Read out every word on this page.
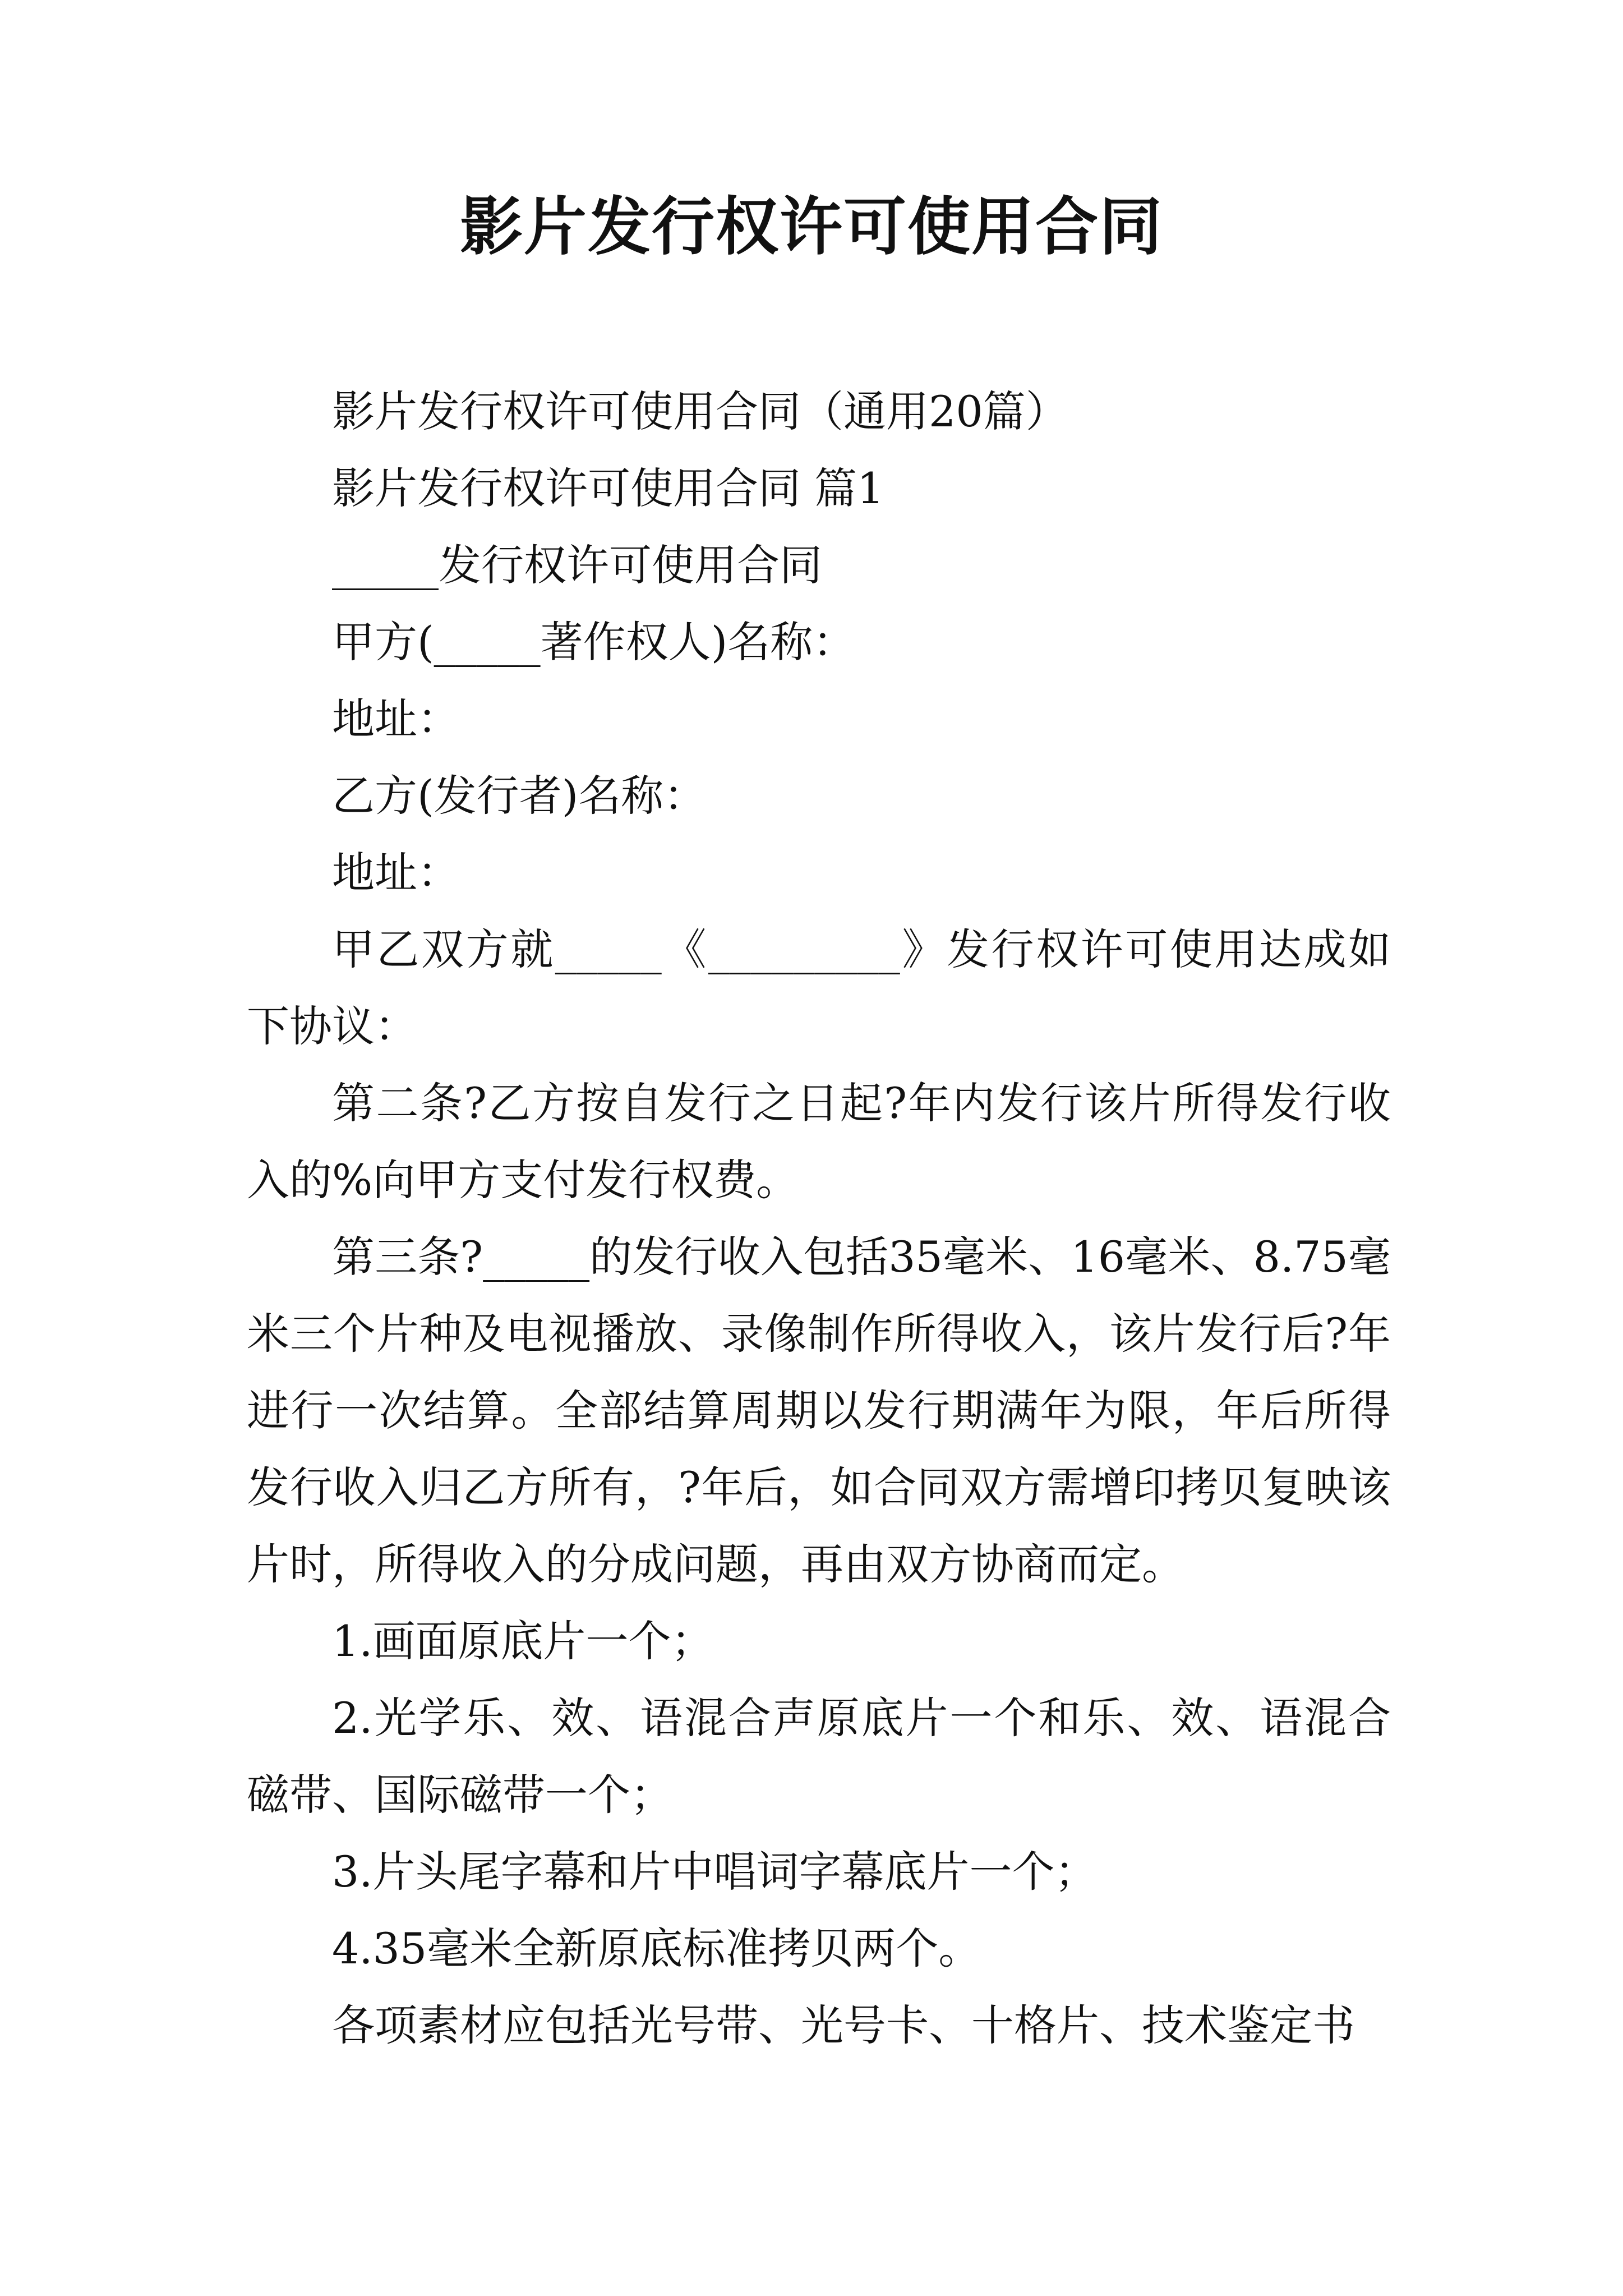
影片发行权许可使用合同

影片发行权许可使用合同（通用20篇）

影片发行权许可使用合同 篇1

_____发行权许可使用合同

甲方(_____著作权人)名称：

地址：

乙方(发行者)名称：

地址：

甲乙双方就_____《_________》发行权许可使用达成如下协议：

第二条?乙方按自发行之日起?年内发行该片所得发行收入的%向甲方支付发行权费。

第三条?_____的发行收入包括35毫米、16毫米、8.75毫米三个片种及电视播放、录像制作所得收入，该片发行后?年进行一次结算。全部结算周期以发行期满年为限，年后所得发行收入归乙方所有，?年后，如合同双方需增印拷贝复映该片时，所得收入的分成问题，再由双方协商而定。

1.画面原底片一个；

2.光学乐、效、语混合声原底片一个和乐、效、语混合磁带、国际磁带一个；

3.片头尾字幕和片中唱词字幕底片一个；

4.35毫米全新原底标准拷贝两个。

各项素材应包括光号带、光号卡、十格片、技术鉴定书
